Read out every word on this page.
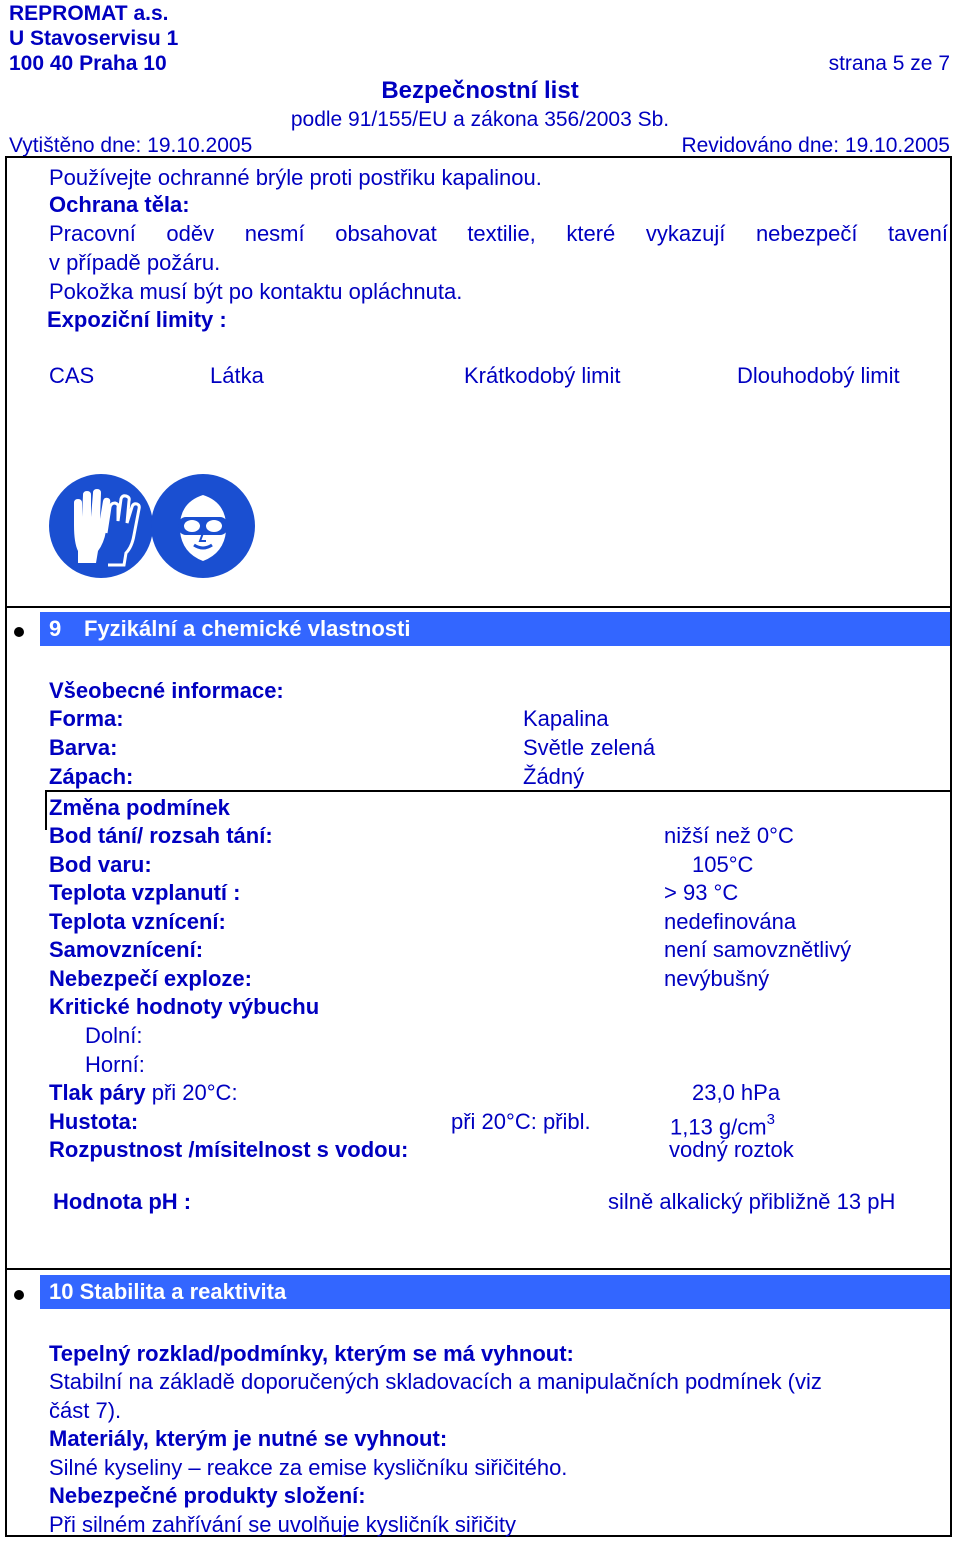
REPROMAT a.s.
U Stavoservisu 1
100 40 Praha 10	strana 5 ze 7
Bezpečnostní list
podle 91/155/EU a zákona 356/2003 Sb.
Vytištěno dne: 19.10.2005	Revidováno dne: 19.10.2005
Používejte ochranné brýle proti postřiku kapalinou.
Ochrana těla:
Pracovní oděv nesmí obsahovat textilie, které vykazují nebezpečí tavení
v případě požáru.
Pokožka musí být po kontaktu opláchnuta.
Expoziční limity :
CAS	Látka	Krátkodobý limit	Dlouhodobý limit
9 Fyzikální a chemické vlastnosti
Všeobecné informace:
Forma:	Kapalina
Barva:	Světle zelená
Zápach:	Žádný
Změna podmínek
Bod tání/ rozsah tání:	nižší než 0°C
Bod varu:	105°C
Teplota vzplanutí :	> 93 °C
Teplota vznícení:	nedefinována
Samovznícení:	není samovznětlivý
Nebezpečí exploze:	nevýbušný
Kritické hodnoty výbuchu
Dolní:
Horní:
Tlak páry při 20°C:	23,0 hPa
Hustota:	při 20°C: přibl.	1,13 $g/cm^3$
Rozpustnost /mísitelnost s vodou:	vodný roztok
Hodnota pH :	silně alkalický přibližně 13 pH
10 Stabilita a reaktivita
Tepelný rozklad/podmínky, kterým se má vyhnout:
Stabilní na základě doporučených skladovacích a manipulačních podmínek (viz
část 7).
Materiály, kterým je nutné se vyhnout:
Silné kyseliny – reakce za emise kysličníku siřičitého.
Nebezpečné produkty složení:
Při silném zahřívání se uvolňuje kysličník siřičity
